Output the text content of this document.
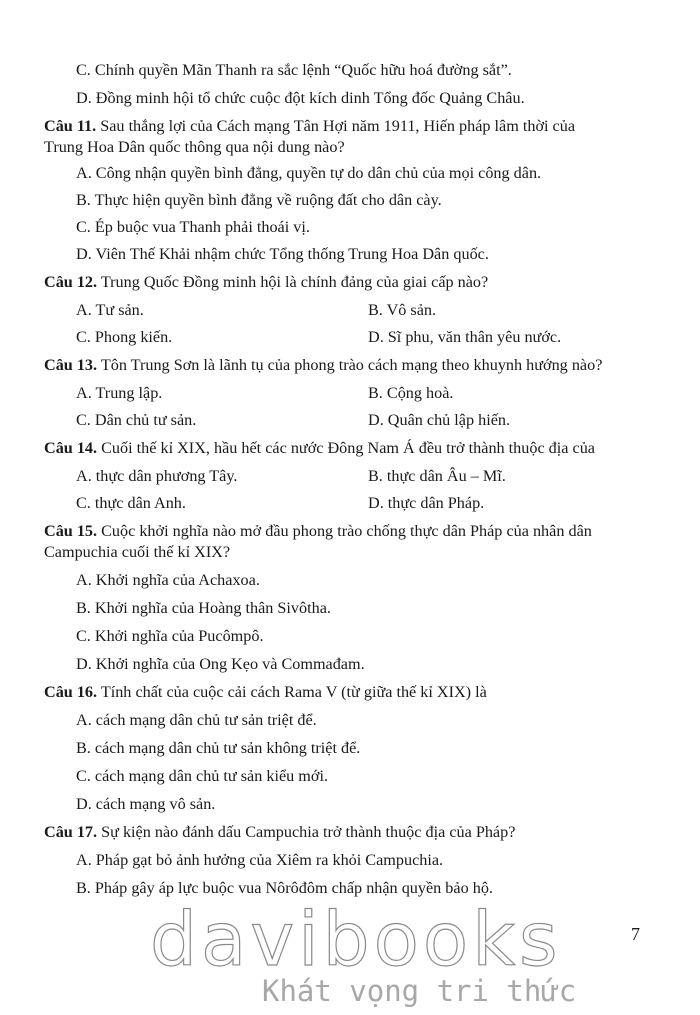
C. Chính quyền Mãn Thanh ra sắc lệnh “Quốc hữu hoá đường sắt”.
D. Đồng minh hội tổ chức cuộc đột kích dinh Tổng đốc Quảng Châu.
Câu 11. Sau thắng lợi của Cách mạng Tân Hợi năm 1911, Hiến pháp lâm thời của
Trung Hoa Dân quốc thông qua nội dung nào?
A. Công nhận quyền bình đẳng, quyền tự do dân chủ của mọi công dân.
B. Thực hiện quyền bình đẳng về ruộng đất cho dân cày.
C. Ép buộc vua Thanh phải thoái vị.
D. Viên Thế Khải nhậm chức Tổng thống Trung Hoa Dân quốc.
Câu 12. Trung Quốc Đồng minh hội là chính đảng của giai cấp nào?
A. Tư sản.	B. Vô sản.
C. Phong kiến.	D. Sĩ phu, văn thân yêu nước.
Câu 13. Tôn Trung Sơn là lãnh tụ của phong trào cách mạng theo khuynh hướng nào?
A. Trung lập.	B. Cộng hoà.
C. Dân chủ tư sản.	D. Quân chủ lập hiến.
Câu 14. Cuối thế kỉ XIX, hầu hết các nước Đông Nam Á đều trở thành thuộc địa của
A. thực dân phương Tây.	B. thực dân Âu – Mĩ.
C. thực dân Anh.	D. thực dân Pháp.
Câu 15. Cuộc khởi nghĩa nào mở đầu phong trào chống thực dân Pháp của nhân dân
Campuchia cuối thế kỉ XIX?
A. Khởi nghĩa của Achaxoa.
B. Khởi nghĩa của Hoàng thân Sivôtha.
C. Khởi nghĩa của Pucômpô.
D. Khởi nghĩa của Ong Kẹo và Commađam.
Câu 16. Tính chất của cuộc cải cách Rama V (từ giữa thế kỉ XIX) là
A. cách mạng dân chủ tư sản triệt để.
B. cách mạng dân chủ tư sản không triệt để.
C. cách mạng dân chủ tư sản kiểu mới.
D. cách mạng vô sản.
Câu 17. Sự kiện nào đánh dấu Campuchia trở thành thuộc địa của Pháp?
A. Pháp gạt bỏ ảnh hưởng của Xiêm ra khỏi Campuchia.
B. Pháp gây áp lực buộc vua Nôrôđôm chấp nhận quyền bảo hộ.
7
davibooks
Khát vọng tri thức
